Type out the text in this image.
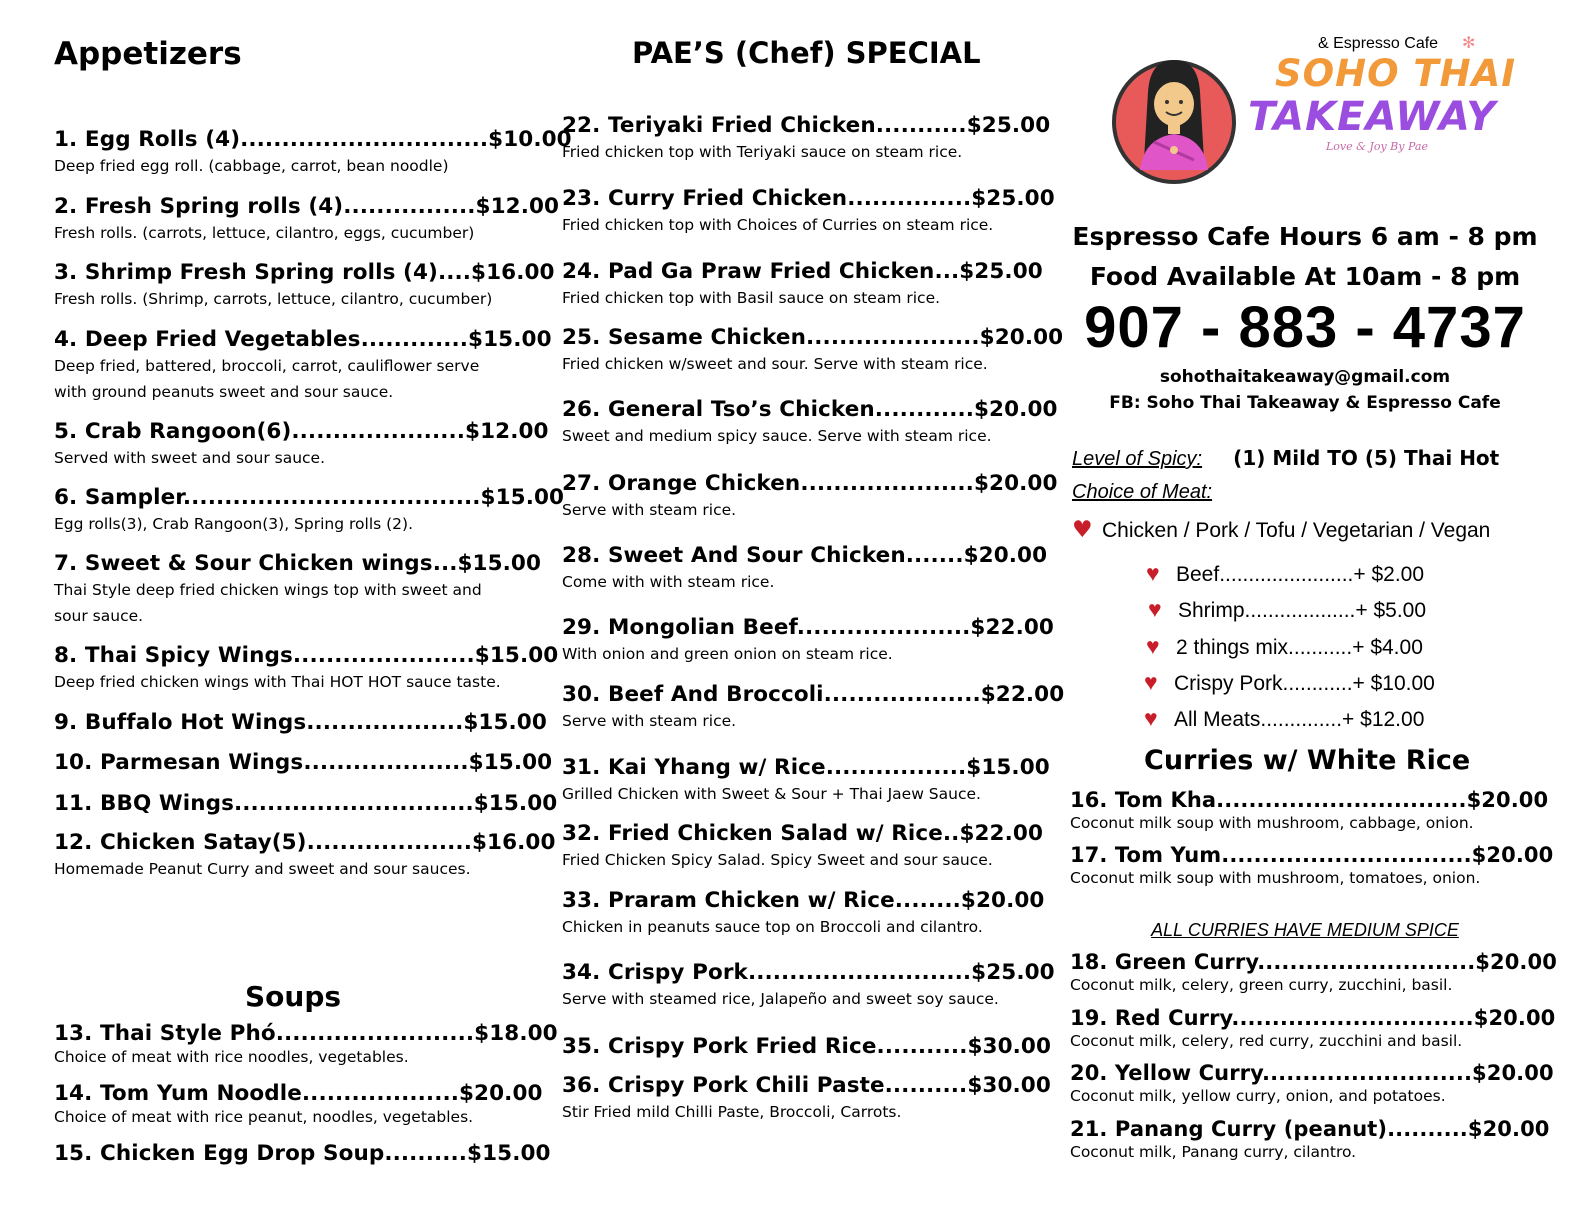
Appetizers
1. Egg Rolls (4)..............................$10.00
Deep fried egg roll. (cabbage, carrot, bean noodle)
2. Fresh Spring rolls (4)................$12.00
Fresh rolls. (carrots, lettuce, cilantro, eggs, cucumber)
3. Shrimp Fresh Spring rolls (4)....$16.00
Fresh rolls. (Shrimp, carrots, lettuce, cilantro, cucumber)
4. Deep Fried Vegetables.............$15.00
Deep fried, battered, broccoli, carrot, cauliflower serve
with ground peanuts sweet and sour sauce.
5. Crab Rangoon(6).....................$12.00
Served with sweet and sour sauce.
6. Sampler....................................$15.00
Egg rolls(3), Crab Rangoon(3), Spring rolls (2).
7. Sweet & Sour Chicken wings...$15.00
Thai Style deep fried chicken wings top with sweet and
sour sauce.
8. Thai Spicy Wings......................$15.00
Deep fried chicken wings with Thai HOT HOT sauce taste.
9. Buffalo Hot Wings...................$15.00
10. Parmesan Wings....................$15.00
11. BBQ Wings.............................$15.00
12. Chicken Satay(5)....................$16.00
Homemade Peanut Curry and sweet and sour sauces.
Soups
13. Thai Style Phó........................$18.00
Choice of meat with rice noodles, vegetables.
14. Tom Yum Noodle...................$20.00
Choice of meat with rice peanut, noodles, vegetables.
15. Chicken Egg Drop Soup..........$15.00
PAE’S (Chef) SPECIAL
22. Teriyaki Fried Chicken...........$25.00
Fried chicken top with Teriyaki sauce on steam rice.
23. Curry Fried Chicken...............$25.00
Fried chicken top with Choices of Curries on steam rice.
24. Pad Ga Praw Fried Chicken...$25.00
Fried chicken top with Basil sauce on steam rice.
25. Sesame Chicken.....................$20.00
Fried chicken w/sweet and sour. Serve with steam rice.
26. General Tso’s Chicken............$20.00
Sweet and medium spicy sauce. Serve with steam rice.
27. Orange Chicken.....................$20.00
Serve with steam rice.
28. Sweet And Sour Chicken.......$20.00
Come with with steam rice.
29. Mongolian Beef.....................$22.00
With onion and green onion on steam rice.
30. Beef And Broccoli...................$22.00
Serve with steam rice.
31. Kai Yhang w/ Rice.................$15.00
Grilled Chicken with Sweet & Sour + Thai Jaew Sauce.
32. Fried Chicken Salad w/ Rice..$22.00
Fried Chicken Spicy Salad. Spicy Sweet and sour sauce.
33. Praram Chicken w/ Rice........$20.00
Chicken in peanuts sauce top on Broccoli and cilantro.
34. Crispy Pork...........................$25.00
Serve with steamed rice, Jalapeño and sweet soy sauce.
35. Crispy Pork Fried Rice...........$30.00
36. Crispy Pork Chili Paste..........$30.00
Stir Fried mild Chilli Paste, Broccoli, Carrots.
✻
& Espresso Cafe
SOHO THAI
TAKEAWAY
Love & Joy By Pae
Espresso Cafe Hours 6 am - 8 pm
Food Available At 10am - 8 pm
907 - 883 - 4737
sohothaitakeaway@gmail.com
FB: Soho Thai Takeaway & Espresso Cafe
Level of Spicy: (1) Mild TO (5) Thai Hot
Choice of Meat:
♥ Chicken / Pork / Tofu / Vegetarian / Vegan
♥ Beef.......................+ $2.00
♥ Shrimp...................+ $5.00
♥ 2 things mix...........+ $4.00
♥ Crispy Pork............+ $10.00
♥ All Meats..............+ $12.00
Curries w/ White Rice
16. Tom Kha...............................$20.00
Coconut milk soup with mushroom, cabbage, onion.
17. Tom Yum...............................$20.00
Coconut milk soup with mushroom, tomatoes, onion.
ALL CURRIES HAVE MEDIUM SPICE
18. Green Curry...........................$20.00
Coconut milk, celery, green curry, zucchini, basil.
19. Red Curry..............................$20.00
Coconut milk, celery, red curry, zucchini and basil.
20. Yellow Curry..........................$20.00
Coconut milk, yellow curry, onion, and potatoes.
21. Panang Curry (peanut)..........$20.00
Coconut milk, Panang curry, cilantro.
